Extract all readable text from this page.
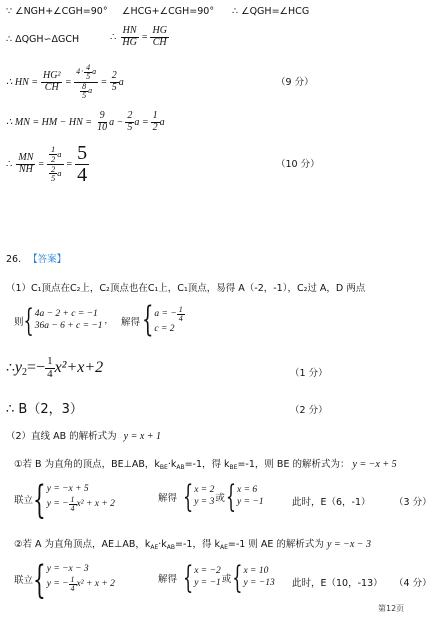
∵ ∠NGH+∠CGH=90° ∠HCG+∠CGH=90° ∴ ∠QGH=∠HCG
∴ ΔQGH∽ΔGCH	∴ $\frac{HN}{HG} = \frac{HG}{CH}$
∴ HN = $\frac{\text{HG²}}{CH} = \frac{4 \cdot \frac{4}{5} a}{\frac{8}{5} a} = \frac{2}{5}$ a	（9 分）
∴ MN = HM − HN = $\frac{9}{10}$ $a - \frac{2}{5}$ $a = \frac{1}{2}$ a
∴ $\frac{MN}{NH} = \frac{\frac{1}{2} a}{\frac{2}{5} a} = \frac{5}{4}$	（10 分）
26. 【答案】
（1）C₁顶点在C₂上，C₂顶点也在C₁上，C₁顶点，易得 A（-2，-1），C₂过 A，D 两点
则 { 4a − 2 + c = −1
36a − 6 + c = −1 , 解得 { a = − $\frac{1}{4}$
c = 2
∴ y $2 =- \frac{1}{4} x^2+x+2$	（1 分）
∴ B（2，3）	（2 分）
（2）直线 AB 的解析式为 y = x + 1
①若 B 为直角的顶点，BE⊥AB，$k_{BE}\cdot k_{AB}=-1$，得 $k_{BE}=-1$，则 BE 的解析式为： y = −x + 5
联立 { y = −x + 5
y = − $\frac{1}{4} x^2 + x + 2$
解得 { x = 2
y = 3 或 { x = 6
y = −1	此时，E（6，-1） （3 分）
②若 A 为直角顶点，AE⊥AB，$k_{AE}\cdot k_{AB}=-1$，得 $k_{AE}=-1$ 则 AE 的解析式为 y = −x − 3
联立 { y = −x − 3
y = − $\frac{1}{4} x^2 + x + 2$	解得 { x = −2
y = −1 或 { x = 10
y = −13 此时，E（10，-13） （4 分）
第12页
